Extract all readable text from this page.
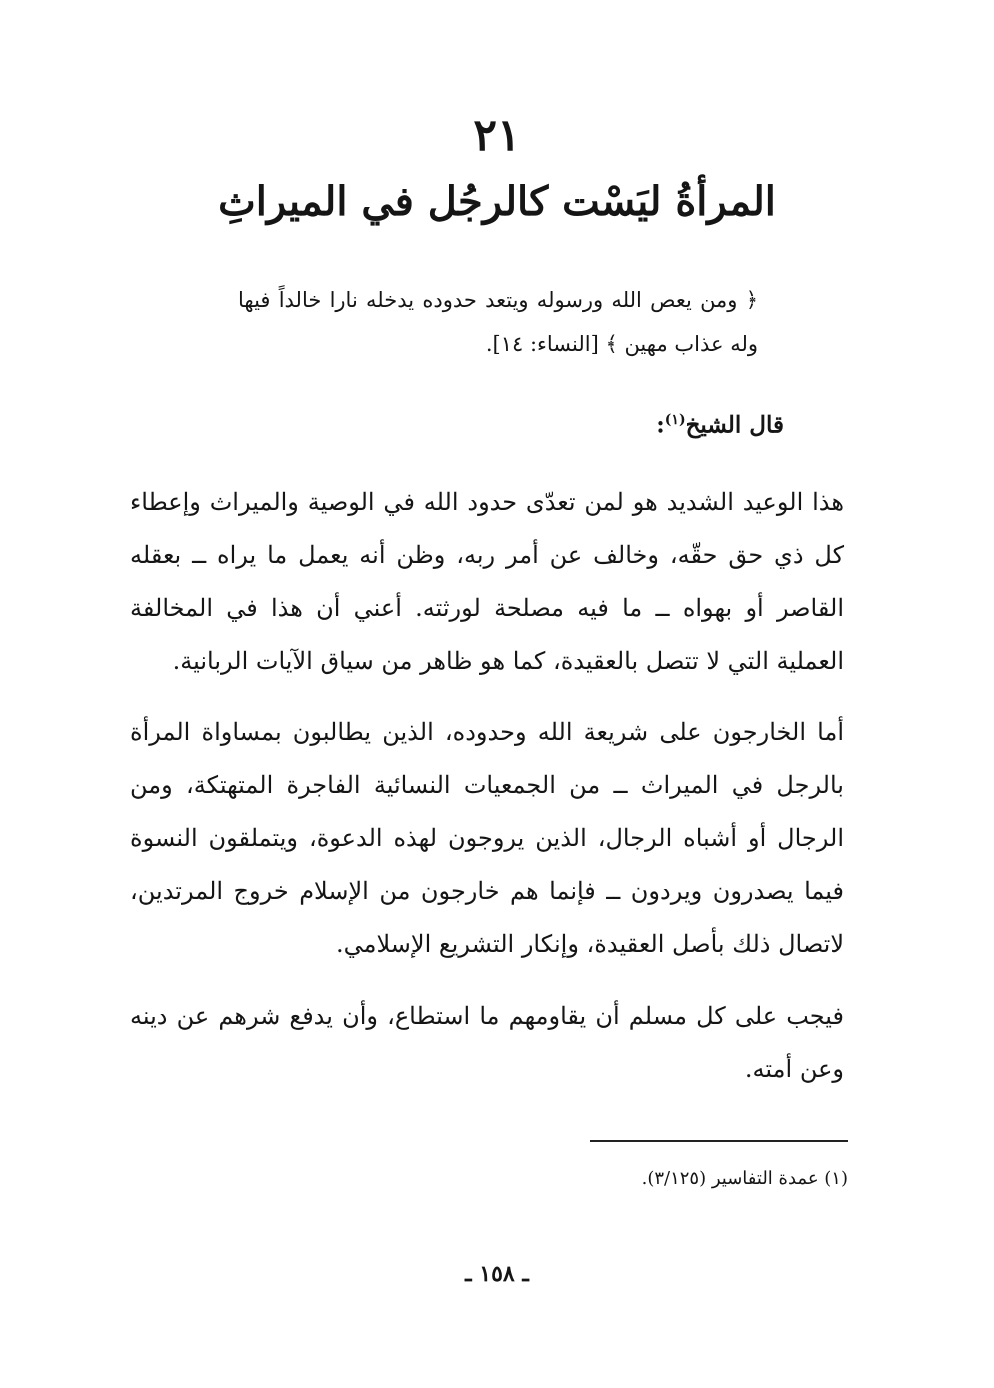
٢١
المرأةُ ليَسْت كالرجُل في الميراثِ
﴿ ومن يعص الله ورسوله ويتعد حدوده يدخله نارا خالداً فيها وله عذاب مهين ﴾ [النساء: ١٤].
قال الشيخ$^{(١)}$:

هذا الوعيد الشديد هو لمن تعدّى حدود الله في الوصية والميراث وإعطاء كل ذي حق حقّه، وخالف عن أمر ربه، وظن أنه يعمل ما يراه ــ بعقله القاصر أو بهواه ــ ما فيه مصلحة لورثته. أعني أن هذا في المخالفة العملية التي لا تتصل بالعقيدة، كما هو ظاهر من سياق الآيات الربانية.

أما الخارجون على شريعة الله وحدوده، الذين يطالبون بمساواة المرأة بالرجل في الميراث ــ من الجمعيات النسائية الفاجرة المتهتكة، ومن الرجال أو أشباه الرجال، الذين يروجون لهذه الدعوة، ويتملقون النسوة فيما يصدرون ويردون ــ فإنما هم خارجون من الإسلام خروج المرتدين، لاتصال ذلك بأصل العقيدة، وإنكار التشريع الإسلامي.

فيجب على كل مسلم أن يقاومهم ما استطاع، وأن يدفع شرهم عن دينه وعن أمته.

(١) عمدة التفاسير (٣/١٢٥).
ـ ١٥٨ ـ
